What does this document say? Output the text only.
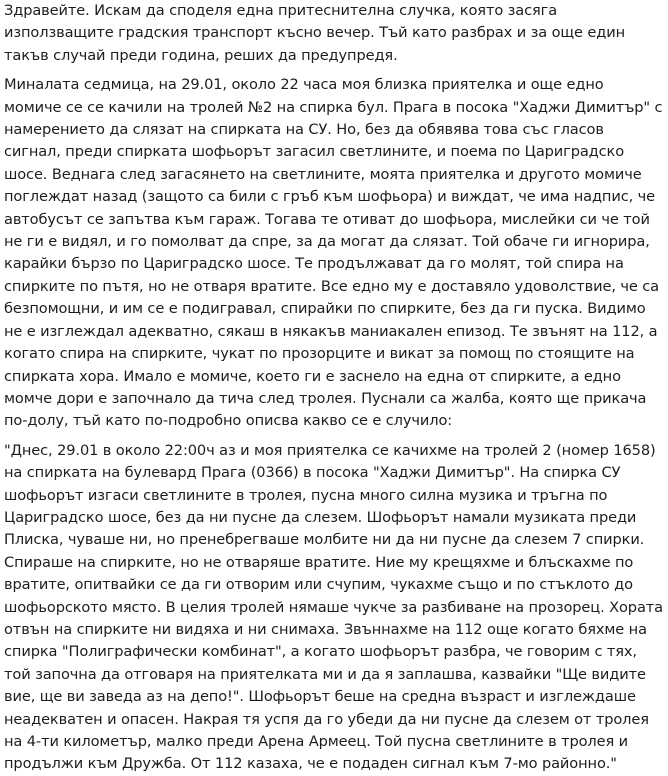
Здравейте. Искам да споделя една притеснителна случка, която засяга използващите градския транспорт късно вечер. Тъй като разбрах и за още един такъв случай преди година, реших да предупредя.

Миналата седмица, на 29.01, около 22 часа моя близка приятелка и още едно момиче се се качили на тролей №2 на спирка бул. Прага в посока "Хаджи Димитър" с намерението да слязат на спирката на СУ. Но, без да обявява това със гласов сигнал, преди спирката шофьорът загасил светлините, и поема по Цариградско шосе. Веднага след загасянето на светлините, моята приятелка и другото момиче поглеждат назад (защото са били с гръб към шофьора) и виждат, че има надпис, че автобусът се запътва към гараж. Тогава те отиват до шофьора, мислейки си че той не ги е видял, и го помолват да спре, за да могат да слязат. Той обаче ги игнорира, карайки бързо по Цариградско шосе. Те продължават да го молят, той спира на спирките по пътя, но не отваря вратите. Все едно му е доставяло удоволствие, че са безпомощни, и им се е подигравал, спирайки по спирките, без да ги пуска. Видимо не е изглеждал адекватно, сякаш в някакъв маниакален епизод. Те звънят на 112, а когато спира на спирките, чукат по прозорците и викат за помощ по стоящите на спирката хора. Имало е момиче, което ги е заснело на една от спирките, а едно момче дори е започнало да тича след тролея. Пуснали са жалба, която ще прикача по-долу, тъй като по-подробно описва какво се е случило:

"Днес, 29.01 в около 22:00ч аз и моя приятелка се качихме на тролей 2 (номер 1658) на спирката на булевард Прага (0366) в посока "Хаджи Димитър". На спирка СУ шофьорът изгаси светлините в тролея, пусна много силна музика и тръгна по Цариградско шосе, без да ни пусне да слезем. Шофьорът намали музиката преди Плиска, чуваше ни, но пренебрегваше молбите ни да ни пусне да слезем 7 спирки. Спираше на спирките, но не отваряше вратите. Ние му крещяхме и блъскахме по вратите, опитвайки се да ги отворим или счупим, чукахме също и по стъклото до шофьорското място. В целия тролей нямаше чукче за разбиване на прозорец. Хората отвън на спирките ни видяха и ни снимаха. Звъннахме на 112 още когато бяхме на спирка "Полиграфически комбинат", а когато шофьорът разбра, че говорим с тях, той започна да отговаря на приятелката ми и да я заплашва, казвайки "Ще видите вие, ще ви заведа аз на депо!". Шофьорът беше на средна възраст и изглеждаше неадекватен и опасен. Накрая тя успя да го убеди да ни пусне да слезем от тролея на 4-ти километър, малко преди Арена Армеец. Той пусна светлините в тролея и продължи към Дружба. От 112 казаха, че е подаден сигнал към 7-мо районно."
